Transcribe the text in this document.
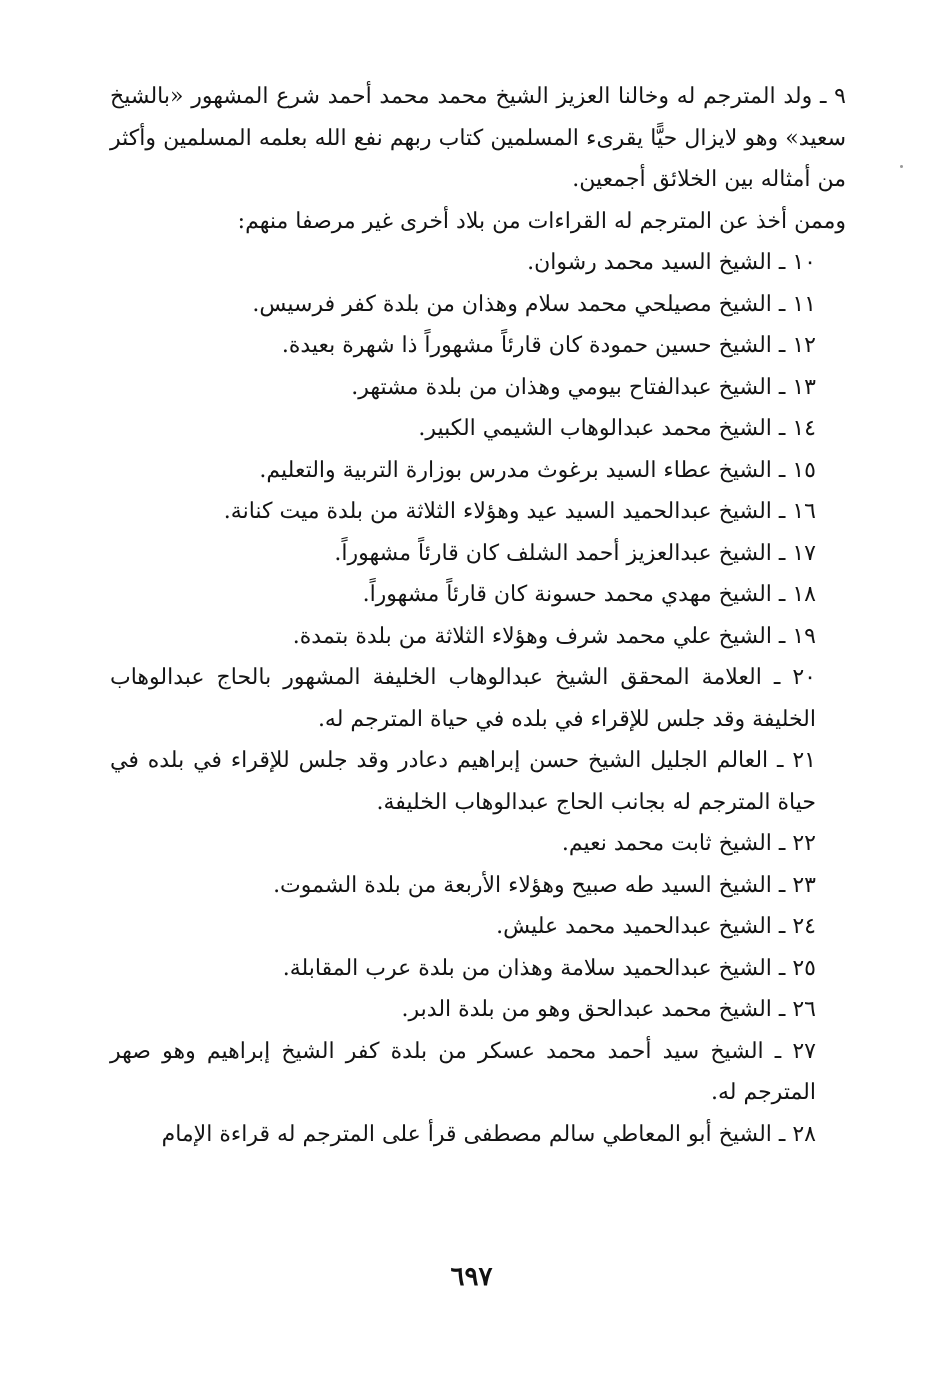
٩ ـ ولد المترجم له وخالنا العزيز الشيخ محمد محمد أحمد شرع المشهور «بالشيخ سعيد» وهو لايزال حيًّا يقرىء المسلمين كتاب ربهم نفع الله بعلمه المسلمين وأكثر من أمثاله بين الخلائق أجمعين.

وممن أخذ عن المترجم له القراءات من بلاد أخرى غير مرصفا منهم:

١٠ ـ الشيخ السيد محمد رشوان.

١١ ـ الشيخ مصيلحي محمد سلام وهذان من بلدة كفر فرسيس.

١٢ ـ الشيخ حسين حمودة كان قارئاً مشهوراً ذا شهرة بعيدة.

١٣ ـ الشيخ عبدالفتاح بيومي وهذان من بلدة مشتهر.

١٤ ـ الشيخ محمد عبدالوهاب الشيمي الكبير.

١٥ ـ الشيخ عطاء السيد برغوث مدرس بوزارة التربية والتعليم.

١٦ ـ الشيخ عبدالحميد السيد عيد وهؤلاء الثلاثة من بلدة ميت كنانة.

١٧ ـ الشيخ عبدالعزيز أحمد الشلف كان قارئاً مشهوراً.

١٨ ـ الشيخ مهدي محمد حسونة كان قارئاً مشهوراً.

١٩ ـ الشيخ علي محمد شرف وهؤلاء الثلاثة من بلدة بتمدة.

٢٠ ـ العلامة المحقق الشيخ عبدالوهاب الخليفة المشهور بالحاج عبدالوهاب الخليفة وقد جلس للإقراء في بلده في حياة المترجم له.

٢١ ـ العالم الجليل الشيخ حسن إبراهيم دعادر وقد جلس للإقراء في بلده في حياة المترجم له بجانب الحاج عبدالوهاب الخليفة.

٢٢ ـ الشيخ ثابت محمد نعيم.

٢٣ ـ الشيخ السيد طه صبيح وهؤلاء الأربعة من بلدة الشموت.

٢٤ ـ الشيخ عبدالحميد محمد عليش.

٢٥ ـ الشيخ عبدالحميد سلامة وهذان من بلدة عرب المقابلة.

٢٦ ـ الشيخ محمد عبدالحق وهو من بلدة الدبر.

٢٧ ـ الشيخ سيد أحمد محمد عسكر من بلدة كفر الشيخ إبراهيم وهو صهر المترجم له.

٢٨ ـ الشيخ أبو المعاطي سالم مصطفى قرأ على المترجم له قراءة الإمام

٦٩٧
